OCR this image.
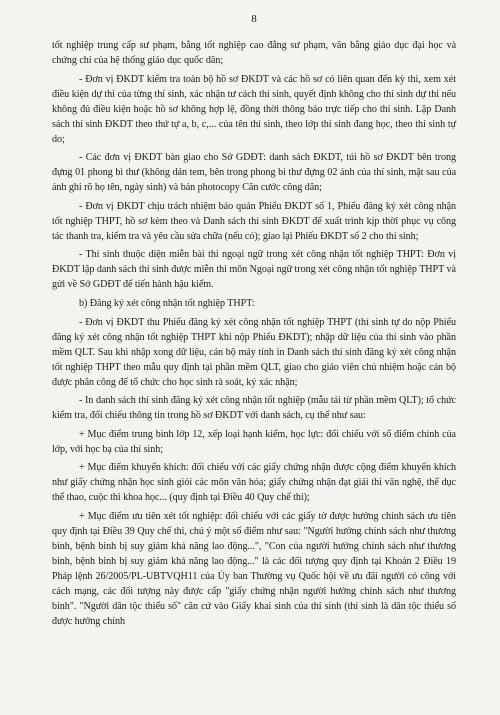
8

tốt nghiệp trung cấp sư phạm, bằng tốt nghiệp cao đẳng sư phạm, văn bằng giáo dục đại học và chứng chỉ của hệ thống giáo dục quốc dân;

- Đơn vị ĐKDT kiểm tra toàn bộ hồ sơ ĐKDT và các hồ sơ có liên quan đến kỳ thi, xem xét điều kiện dự thi của từng thí sinh, xác nhận tư cách thí sinh, quyết định không cho thí sinh dự thi nếu không đủ điều kiện hoặc hồ sơ không hợp lệ, đồng thời thông báo trực tiếp cho thí sinh. Lập Danh sách thí sinh ĐKDT theo thứ tự a, b, c,... của tên thí sinh, theo lớp thí sinh đang học, theo thí sinh tự do;

- Các đơn vị ĐKDT bàn giao cho Sở GDĐT: danh sách ĐKDT, túi hồ sơ ĐKDT bên trong đựng 01 phong bì thư (không dán tem, bên trong phong bì thư đựng 02 ảnh của thí sinh, mặt sau của ảnh ghi rõ họ tên, ngày sinh) và bản photocopy Căn cước công dân;

- Đơn vị ĐKDT chịu trách nhiệm bảo quản Phiếu ĐKDT số 1, Phiếu đăng ký xét công nhận tốt nghiệp THPT, hồ sơ kèm theo và Danh sách thí sinh ĐKDT để xuất trình kịp thời phục vụ công tác thanh tra, kiểm tra và yêu cầu sửa chữa (nếu có); giao lại Phiếu ĐKDT số 2 cho thí sinh;

- Thí sinh thuộc diện miễn bài thi ngoại ngữ trong xét công nhận tốt nghiệp THPT: Đơn vị ĐKDT lập danh sách thí sinh được miễn thi môn Ngoại ngữ trong xét công nhận tốt nghiệp THPT và gửi về Sở GDĐT để tiến hành hậu kiểm.

b) Đăng ký xét công nhận tốt nghiệp THPT:

- Đơn vị ĐKDT thu Phiếu đăng ký xét công nhận tốt nghiệp THPT (thí sinh tự do nộp Phiếu đăng ký xét công nhận tốt nghiệp THPT khi nộp Phiếu ĐKDT); nhập dữ liệu của thí sinh vào phần mềm QLT. Sau khi nhập xong dữ liệu, cán bộ máy tính in Danh sách thí sinh đăng ký xét công nhận tốt nghiệp THPT theo mẫu quy định tại phần mềm QLT, giao cho giáo viên chủ nhiệm hoặc cán bộ được phân công để tổ chức cho học sinh rà soát, ký xác nhận;

- In danh sách thí sinh đăng ký xét công nhận tốt nghiệp (mẫu tải từ phần mềm QLT); tổ chức kiểm tra, đối chiếu thông tin trong hồ sơ ĐKDT với danh sách, cụ thể như sau:

+ Mục điểm trung bình lớp 12, xếp loại hạnh kiểm, học lực: đối chiếu với sổ điểm chính của lớp, với học bạ của thí sinh;

+ Mục điểm khuyến khích: đối chiếu với các giấy chứng nhận được cộng điểm khuyến khích như giấy chứng nhận học sinh giỏi các môn văn hóa; giấy chứng nhận đạt giải thi văn nghệ, thể dục thể thao, cuộc thi khoa học... (quy định tại Điều 40 Quy chế thi);

+ Mục điểm ưu tiên xét tốt nghiệp: đối chiếu với các giấy tờ được hưởng chính sách ưu tiên quy định tại Điều 39 Quy chế thi, chú ý một số điểm như sau: "Người hưởng chính sách như thương binh, bệnh binh bị suy giảm khả năng lao động...", "Con của người hưởng chính sách như thương binh, bệnh binh bị suy giảm khả năng lao động..." là các đối tượng quy định tại Khoản 2 Điều 19 Pháp lệnh 26/2005/PL-UBTVQH11 của Ủy ban Thường vụ Quốc hội về ưu đãi người có công với cách mạng, các đối tượng này được cấp "giấy chứng nhận người hưởng chính sách như thương binh". "Người dân tộc thiểu số" căn cứ vào Giấy khai sinh của thí sinh (thí sinh là dân tộc thiểu số được hưởng chính
